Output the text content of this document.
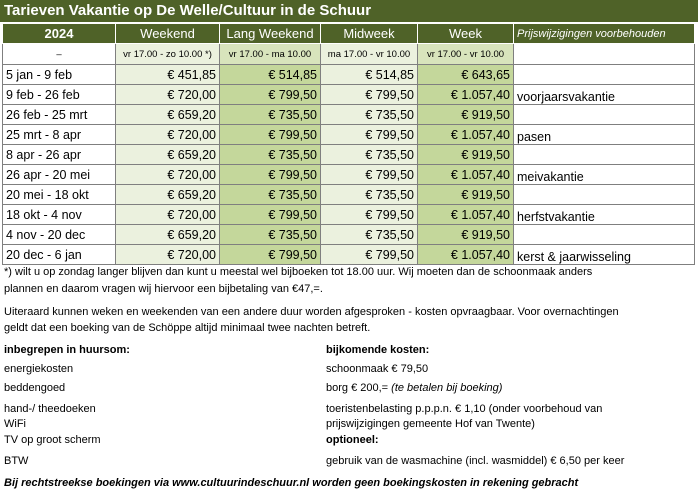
Tarieven Vakantie op De Welle/Cultuur in de Schuur
2024	Weekend	Lang Weekend	Midweek	Week	Prijswijzigingen voorbehouden
–	vr 17.00 - zo 10.00 *)	vr 17.00 - ma 10.00	ma 17.00 - vr 10.00	vr 17.00 - vr 10.00	
5 jan - 9 feb	€ 451,85	€ 514,85	€ 514,85	€ 643,65	
9 feb - 26 feb	€ 720,00	€ 799,50	€ 799,50	€ 1.057,40	voorjaarsvakantie
26 feb - 25 mrt	€ 659,20	€ 735,50	€ 735,50	€ 919,50	
25 mrt - 8 apr	€ 720,00	€ 799,50	€ 799,50	€ 1.057,40	pasen
8 apr - 26 apr	€ 659,20	€ 735,50	€ 735,50	€ 919,50	
26 apr - 20 mei	€ 720,00	€ 799,50	€ 799,50	€ 1.057,40	meivakantie
20 mei - 18 okt	€ 659,20	€ 735,50	€ 735,50	€ 919,50	
18 okt - 4 nov	€ 720,00	€ 799,50	€ 799,50	€ 1.057,40	herfstvakantie
4 nov - 20 dec	€ 659,20	€ 735,50	€ 735,50	€ 919,50	
20 dec - 6 jan	€ 720,00	€ 799,50	€ 799,50	€ 1.057,40	kerst & jaarwisseling
*) wilt u op zondag langer blijven dan kunt u meestal wel bijboeken tot 18.00 uur. Wij moeten dan de schoonmaak anders
plannen en daarom vragen wij hiervoor een bijbetaling van €47,=.
Uiteraard kunnen weken en weekenden van een andere duur worden afgesproken - kosten opvraagbaar. Voor overnachtingen
geldt dat een boeking van de Schöppe altijd minimaal twee nachten betreft.
inbegrepen in huursom:
energiekosten
beddengoed
hand-/ theedoeken
WiFi
TV op groot scherm
BTW
bijkomende kosten:
schoonmaak € 79,50
borg € 200,= (te betalen bij boeking)
toeristenbelasting p.p.p.n. € 1,10 (onder voorbehoud van
prijswijzigingen gemeente Hof van Twente)
optioneel:
gebruik van de wasmachine (incl. wasmiddel) € 6,50 per keer
Bij rechtstreekse boekingen via www.cultuurindeschuur.nl worden geen boekingskosten in rekening gebracht
